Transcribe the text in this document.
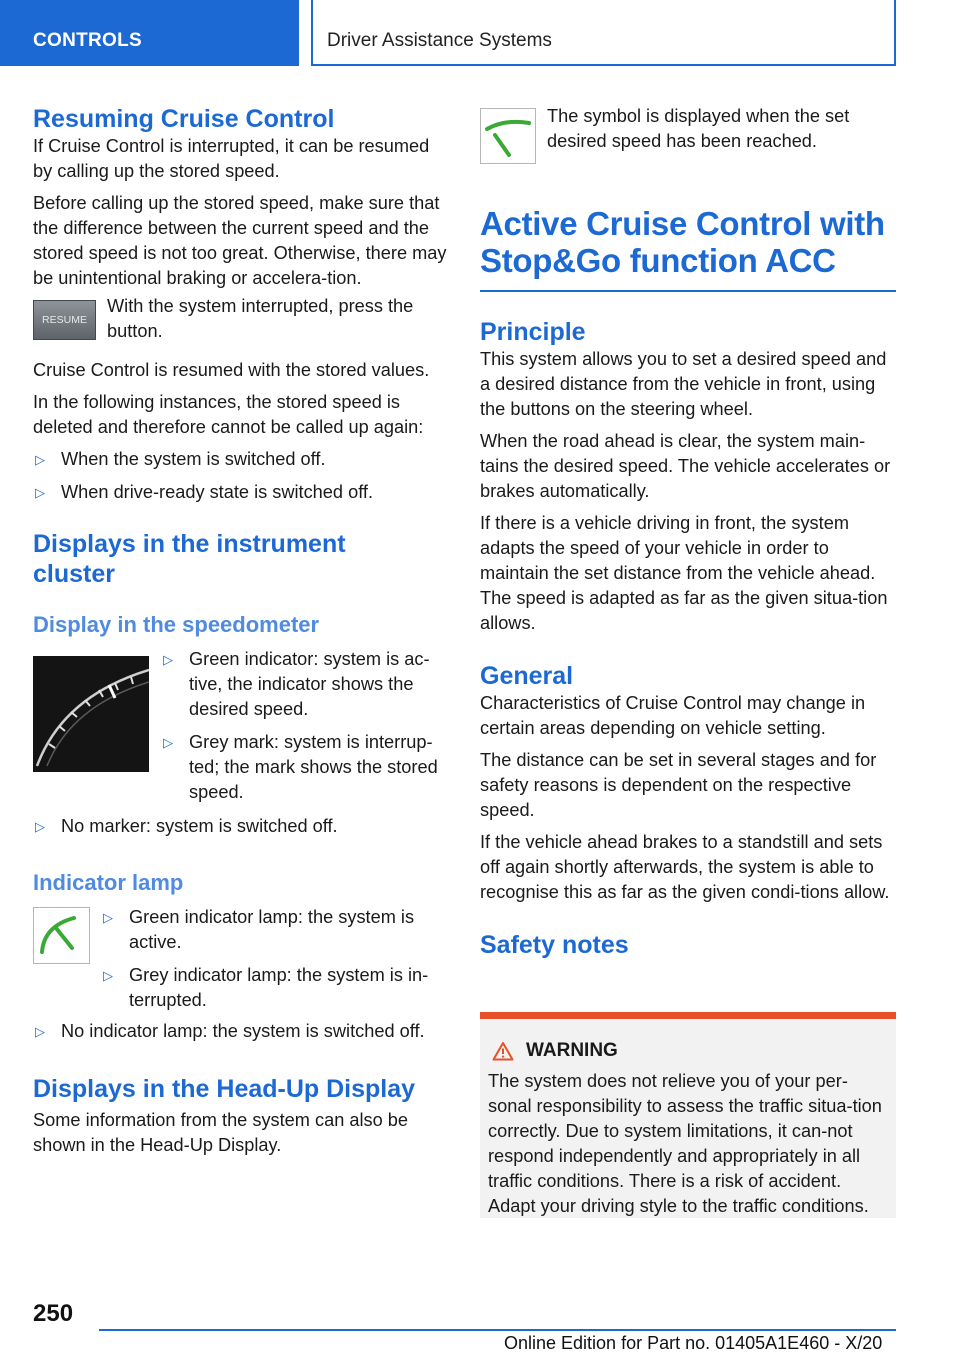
CONTROLS	Driver Assistance Systems
Resuming Cruise Control

If Cruise Control is interrupted, it can be resumed by calling up the stored speed.

Before calling up the stored speed, make sure that the difference between the current speed and the stored speed is not too great. Otherwise, there may be unintentional braking or accelera‐tion.

RESUME

With the system interrupted, press the button.

Cruise Control is resumed with the stored values.

In the following instances, the stored speed is deleted and therefore cannot be called up again:

▷ When the system is switched off.
▷ When drive-ready state is switched off.
Displays in the instrument cluster
Display in the speedometer
▷ Green indicator: system is ac‐tive, the indicator shows the desired speed.
▷ Grey mark: system is interrup‐ted; the mark shows the stored speed.
▷ No marker: system is switched off.
Indicator lamp
▷ Green indicator lamp: the system is active.
▷ Grey indicator lamp: the system is in‐terrupted.
▷ No indicator lamp: the system is switched off.
Displays in the Head-Up Display

Some information from the system can also be shown in the Head-Up Display.

The symbol is displayed when the set desired speed has been reached.

Active Cruise Control with Stop&Go function ACC
Principle

This system allows you to set a desired speed and a desired distance from the vehicle in front, using the buttons on the steering wheel.

When the road ahead is clear, the system main‐tains the desired speed. The vehicle accelerates or brakes automatically.

If there is a vehicle driving in front, the system adapts the speed of your vehicle in order to maintain the set distance from the vehicle ahead. The speed is adapted as far as the given situa‐tion allows.

General

Characteristics of Cruise Control may change in certain areas depending on vehicle setting.

The distance can be set in several stages and for safety reasons is dependent on the respective speed.

If the vehicle ahead brakes to a standstill and sets off again shortly afterwards, the system is able to recognise this as far as the given condi‐tions allow.

Safety notes
WARNING

The system does not relieve you of your per‐sonal responsibility to assess the traffic situa‐tion correctly. Due to system limitations, it can‐not respond independently and appropriately in all traffic conditions. There is a risk of accident. Adapt your driving style to the traffic conditions.

250
Online Edition for Part no. 01405A1E460 - X/20
